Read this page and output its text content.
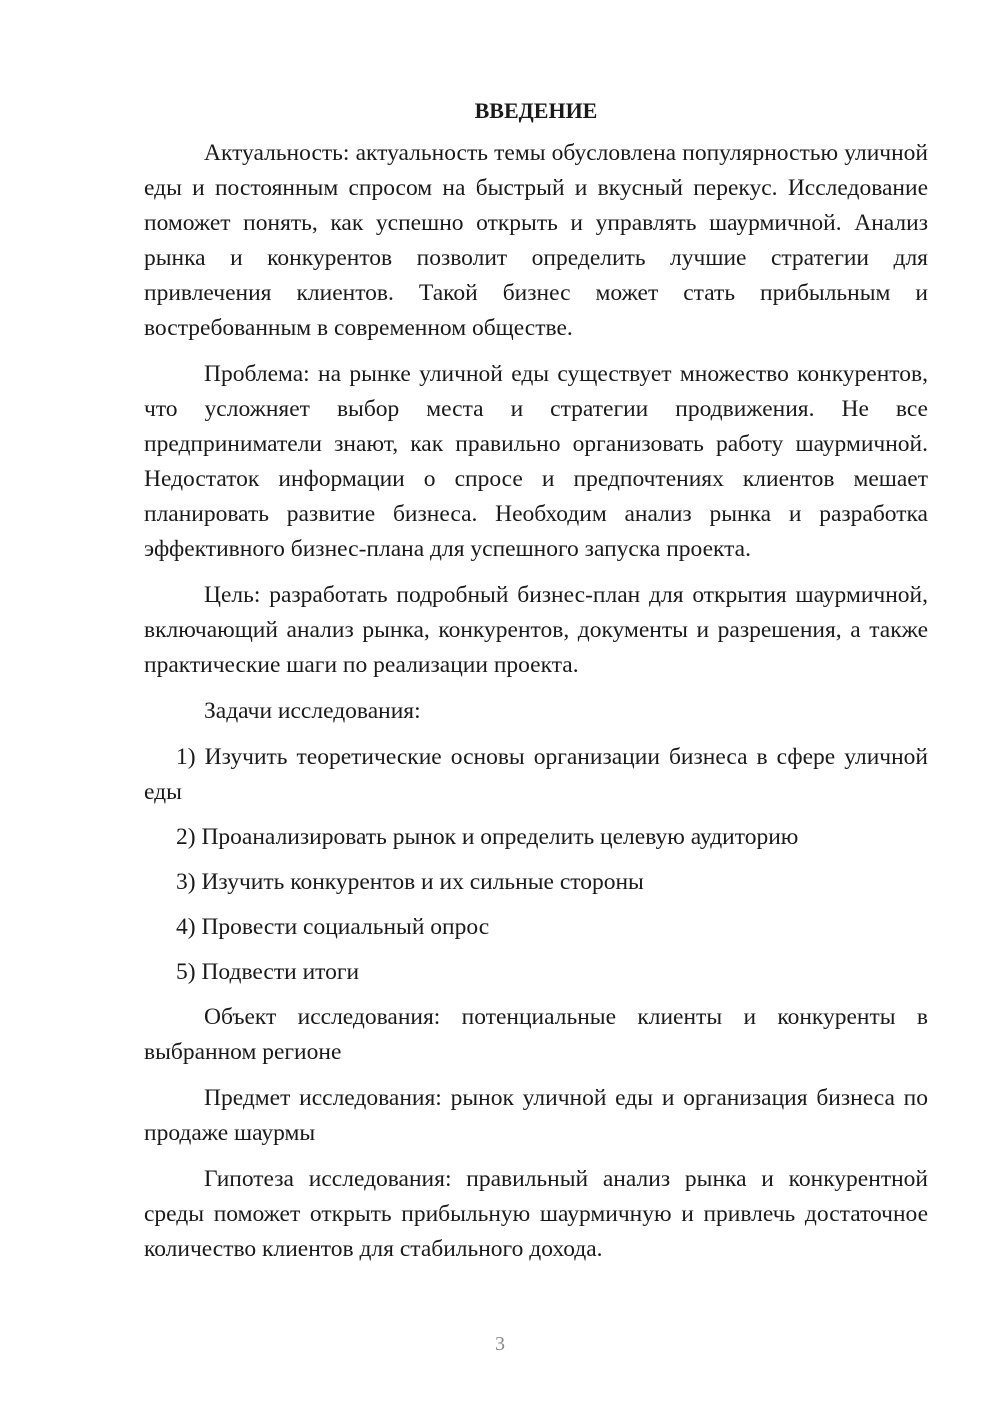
ВВЕДЕНИЕ

Актуальность: актуальность темы обусловлена популярностью уличной еды и постоянным спросом на быстрый и вкусный перекус. Исследование поможет понять, как успешно открыть и управлять шаурмичной. Анализ рынка и конкурентов позволит определить лучшие стратегии для привлечения клиентов. Такой бизнес может стать прибыльным и востребованным в современном обществе.

Проблема: на рынке уличной еды существует множество конкурентов, что усложняет выбор места и стратегии продвижения. Не все предприниматели знают, как правильно организовать работу шаурмичной. Недостаток информации о спросе и предпочтениях клиентов мешает планировать развитие бизнеса. Необходим анализ рынка и разработка эффективного бизнес-плана для успешного запуска проекта.

Цель: разработать подробный бизнес-план для открытия шаурмичной, включающий анализ рынка, конкурентов, документы и разрешения, а также практические шаги по реализации проекта.

Задачи исследования:

1) Изучить теоретические основы организации бизнеса в сфере уличной еды

2) Проанализировать рынок и определить целевую аудиторию

3) Изучить конкурентов и их сильные стороны

4) Провести социальный опрос

5) Подвести итоги

Объект исследования: потенциальные клиенты и конкуренты в выбранном регионе

Предмет исследования: рынок уличной еды и организация бизнеса по продаже шаурмы

Гипотеза исследования: правильный анализ рынка и конкурентной среды поможет открыть прибыльную шаурмичную и привлечь достаточное количество клиентов для стабильного дохода.

3
